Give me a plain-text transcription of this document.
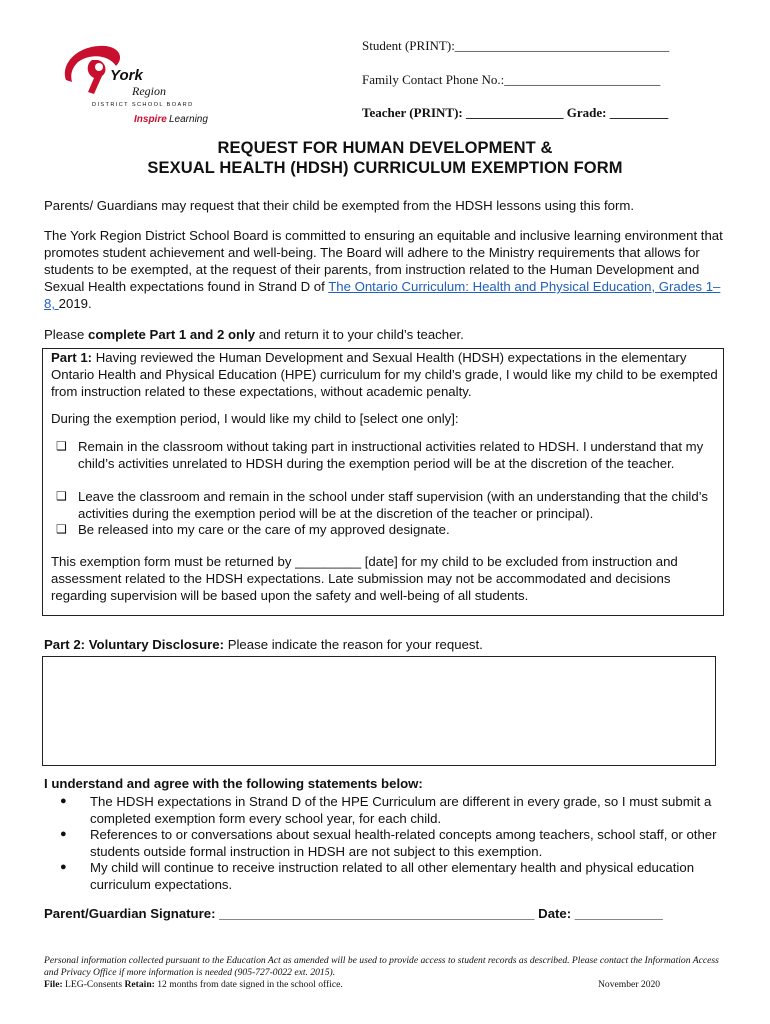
York
Region
DISTRICT SCHOOL BOARD
Inspire Learning.
Student (PRINT):_________________________________
Family Contact Phone No.:________________________
Teacher (PRINT): _______________ Grade: _________
REQUEST FOR HUMAN DEVELOPMENT &
SEXUAL HEALTH (HDSH) CURRICULUM EXEMPTION FORM
Parents/ Guardians may request that their child be exempted from the HDSH lessons using this form.
The York Region District School Board is committed to ensuring an equitable and inclusive learning environment that promotes student achievement and well-being. The Board will adhere to the Ministry requirements that allows for students to be exempted, at the request of their parents, from instruction related to the Human Development and Sexual Health expectations found in Strand D of The Ontario Curriculum: Health and Physical Education, Grades 1–8, 2019.
Please complete Part 1 and 2 only and return it to your child’s teacher.
Part 1: Having reviewed the Human Development and Sexual Health (HDSH) expectations in the elementary Ontario Health and Physical Education (HPE) curriculum for my child’s grade, I would like my child to be exempted from instruction related to these expectations, without academic penalty.
During the exemption period, I would like my child to [select one only]:
❑ Remain in the classroom without taking part in instructional activities related to HDSH. I understand that my child’s activities unrelated to HDSH during the exemption period will be at the discretion of the teacher.
❑ Leave the classroom and remain in the school under staff supervision (with an understanding that the child’s activities during the exemption period will be at the discretion of the teacher or principal).
❑ Be released into my care or the care of my approved designate.
This exemption form must be returned by _________ [date] for my child to be excluded from instruction and assessment related to the HDSH expectations. Late submission may not be accommodated and decisions regarding supervision will be based upon the safety and well-being of all students.
Part 2: Voluntary Disclosure: Please indicate the reason for your request.
I understand and agree with the following statements below:
● The HDSH expectations in Strand D of the HPE Curriculum are different in every grade, so I must submit a completed exemption form every school year, for each child.
● References to or conversations about sexual health-related concepts among teachers, school staff, or other students outside formal instruction in HDSH are not subject to this exemption.
● My child will continue to receive instruction related to all other elementary health and physical education curriculum expectations.
Parent/Guardian Signature: ___________________________________________ Date: ____________
Personal information collected pursuant to the Education Act as amended will be used to provide access to student records as described. Please contact the Information Access and Privacy Office if more information is needed (905-727-0022 ext. 2015).
File: LEG-Consents Retain: 12 months from date signed in the school office.	November 2020
